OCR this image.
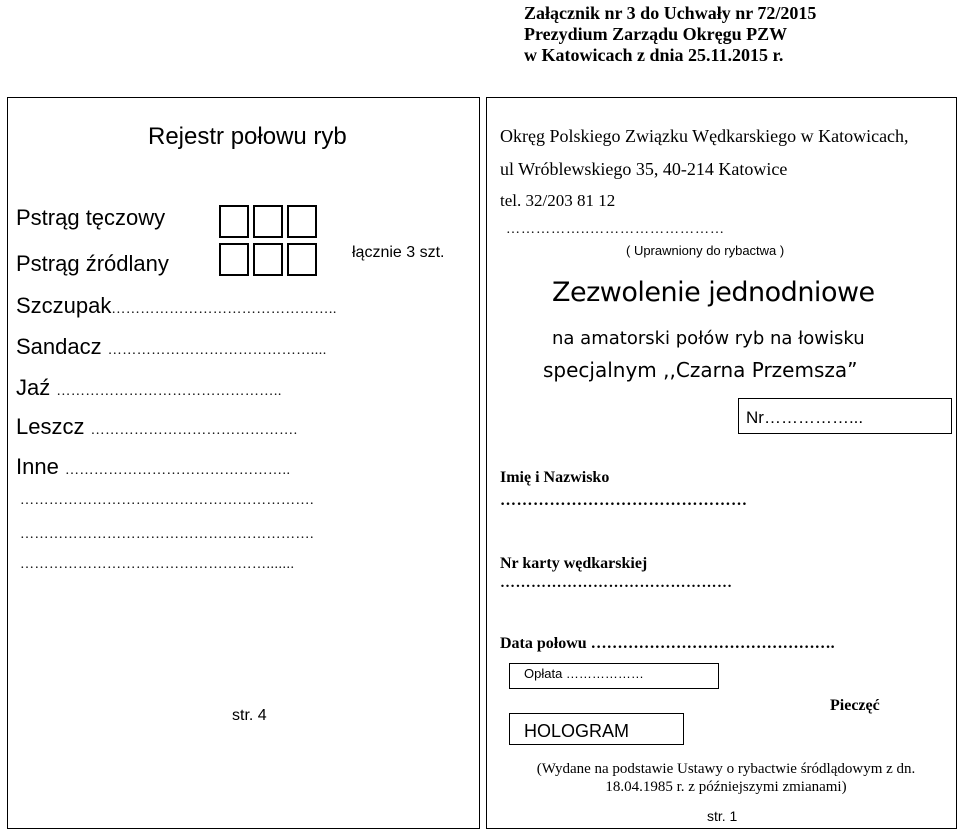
Załącznik nr 3 do Uchwały nr 72/2015
Prezydium Zarządu Okręgu PZW
w Katowicach z dnia 25.11.2015 r.
Rejestr połowu ryb
Pstrąg tęczowy
Pstrąg źródlany
Szczupak………………………………………..
Sandacz ……………………………………....
Jaź ………………………………………..
Leszcz …………………………………….
Inne ………………………………………..
łącznie 3 szt.
…………………………………………………….
…………………………………………………….
…………………………………………….......
str. 4
Okręg Polskiego Związku Wędkarskiego w Katowicach,
ul Wróblewskiego 35, 40-214 Katowice
tel. 32/203 81 12
……………..………………………
( Uprawniony do rybactwa )
Zezwolenie jednodniowe
na amatorski połów ryb na łowisku
specjalnym ,,Czarna Przemsza”
Nr……………...
Imię i Nazwisko
………………………………………
Nr karty wędkarskiej
………………………………………
Data połowu ……………………………………….
Opłata ………………
Pieczęć
HOLOGRAM
(Wydane na podstawie Ustawy o rybactwie śródlądowym z dn.
18.04.1985 r. z późniejszymi zmianami)
str. 1
